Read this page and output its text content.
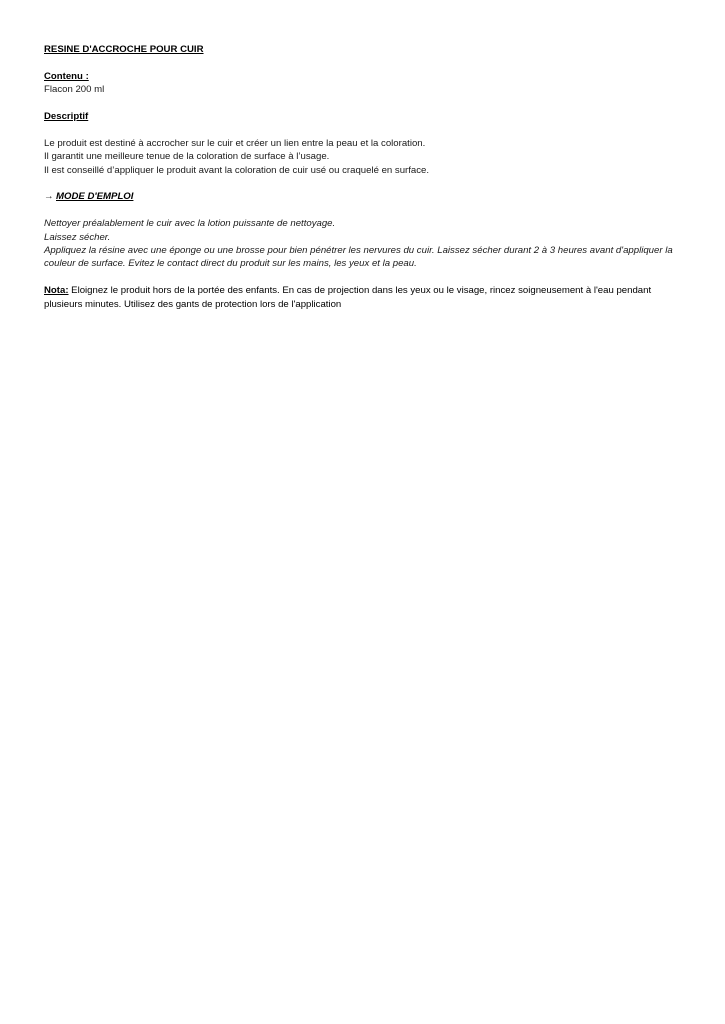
RESINE D'ACCROCHE POUR CUIR
Contenu :
Flacon 200 ml
Descriptif
Le produit est destiné à accrocher sur le cuir et créer un lien entre la peau et la coloration.
Il garantit une meilleure tenue de la coloration de surface à l’usage.
Il est conseillé d’appliquer le produit avant la coloration de cuir usé ou craquelé en surface.
→ MODE D'EMPLOI
Nettoyer préalablement le cuir avec la lotion puissante de nettoyage.
Laissez sécher.
Appliquez la résine avec une éponge ou une brosse pour bien pénétrer les nervures du cuir. Laissez sécher durant 2 à 3 heures avant d'appliquer la couleur de surface. Evitez le contact direct du produit sur les mains, les yeux et la peau.
Nota: Eloignez le produit hors de la portée des enfants. En cas de projection dans les yeux ou le visage, rincez soigneusement à l'eau pendant plusieurs minutes. Utilisez des gants de protection lors de l'application
